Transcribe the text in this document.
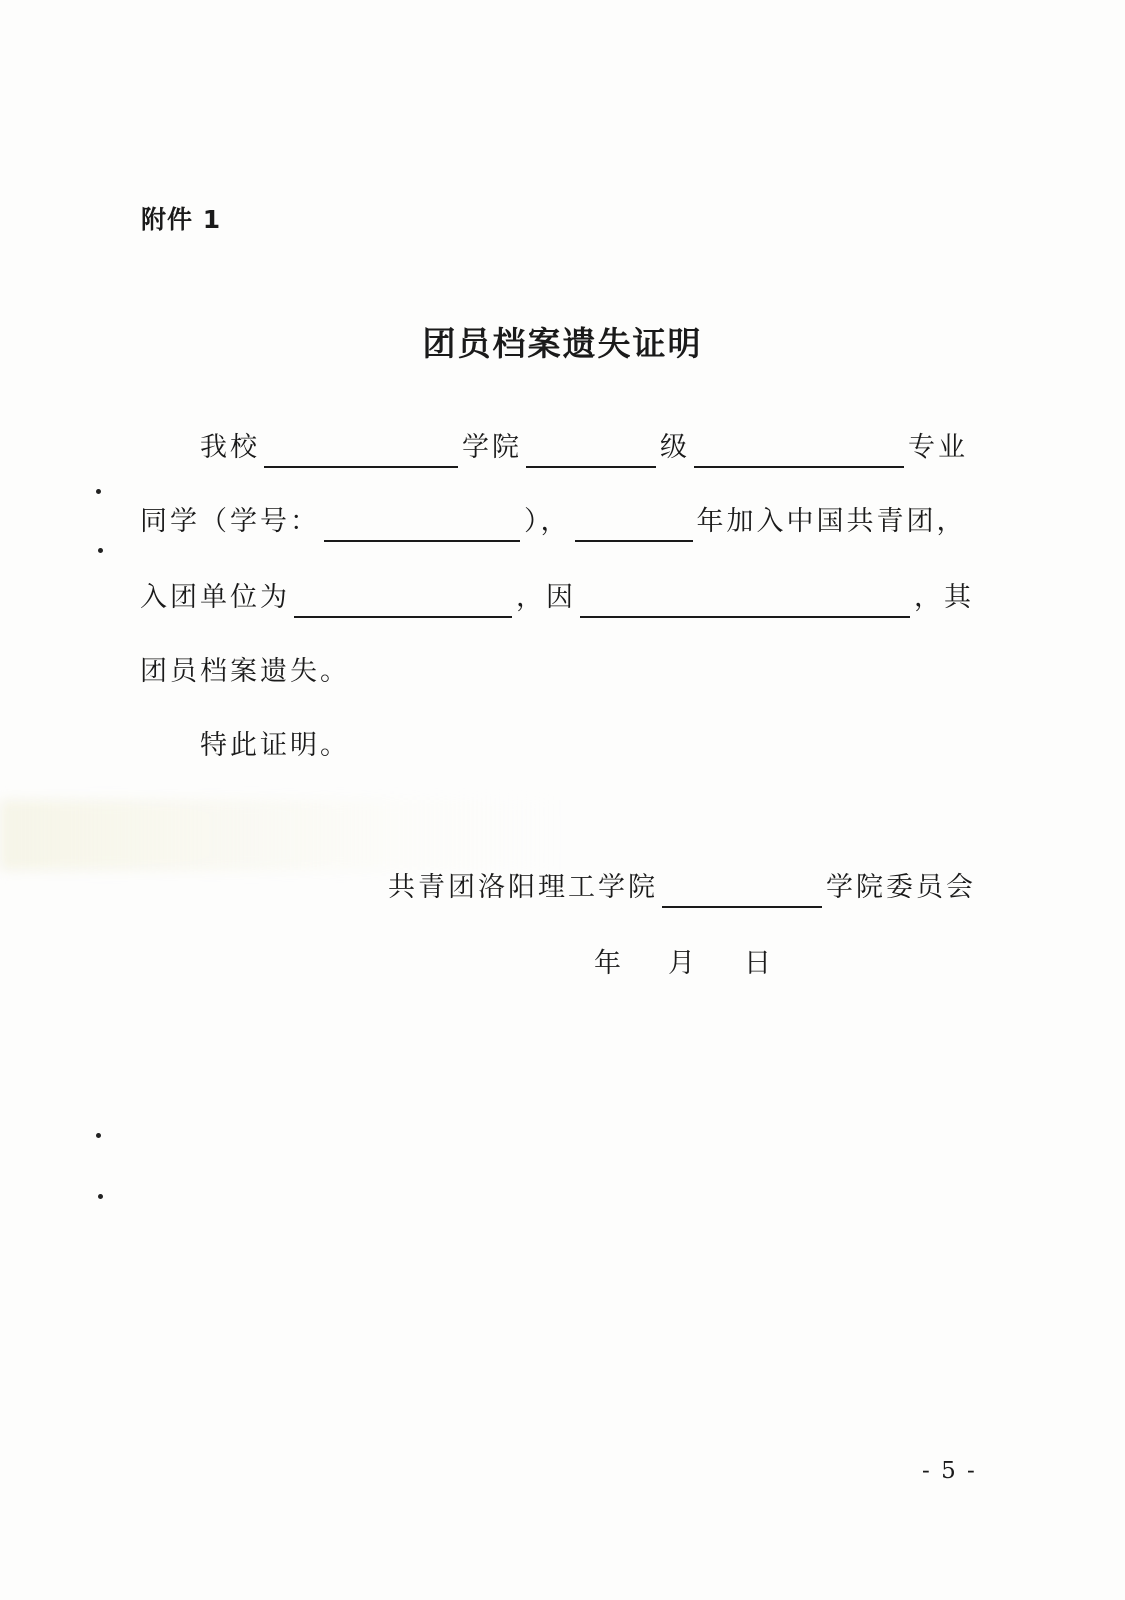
附件 1
团员档案遗失证明
我校	学院	级	专业
同学（学号：	），	年加入中国共青团，
入团单位为	，因	，其
团员档案遗失。
特此证明。
共青团洛阳理工学院	学院委员会
年 月 日
- 5 -
